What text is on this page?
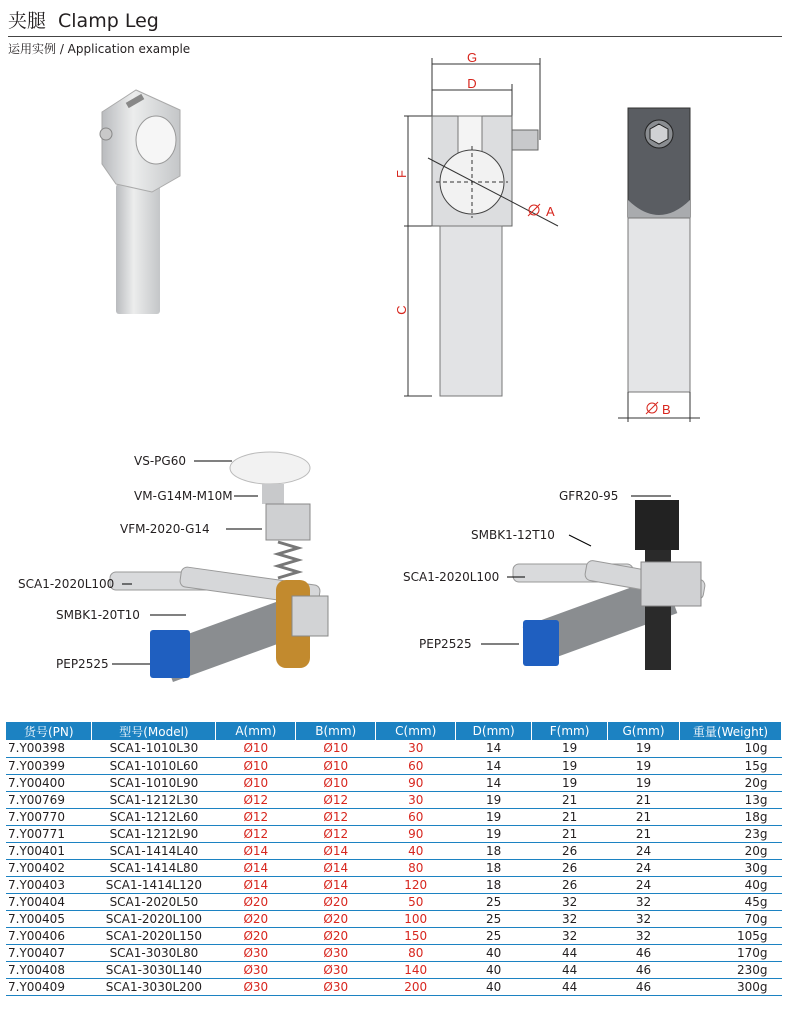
夹腿 Clamp Leg
运用实例 / Application example
G
D
F
C
A
B
VS-PG60
VM-G14M-M10M
VFM-2020-G14
SCA1-2020L100
SMBK1-20T10
PEP2525
GFR20-95
SMBK1-12T10
SCA1-2020L100
PEP2525
货号(PN)	型号(Model)	A(mm)	B(mm)	C(mm)	D(mm)	F(mm)	G(mm)	重量(Weight)
7.Y00398	SCA1-1010L30	Ø10	Ø10	30	14	19	19	10g
7.Y00399	SCA1-1010L60	Ø10	Ø10	60	14	19	19	15g
7.Y00400	SCA1-1010L90	Ø10	Ø10	90	14	19	19	20g
7.Y00769	SCA1-1212L30	Ø12	Ø12	30	19	21	21	13g
7.Y00770	SCA1-1212L60	Ø12	Ø12	60	19	21	21	18g
7.Y00771	SCA1-1212L90	Ø12	Ø12	90	19	21	21	23g
7.Y00401	SCA1-1414L40	Ø14	Ø14	40	18	26	24	20g
7.Y00402	SCA1-1414L80	Ø14	Ø14	80	18	26	24	30g
7.Y00403	SCA1-1414L120	Ø14	Ø14	120	18	26	24	40g
7.Y00404	SCA1-2020L50	Ø20	Ø20	50	25	32	32	45g
7.Y00405	SCA1-2020L100	Ø20	Ø20	100	25	32	32	70g
7.Y00406	SCA1-2020L150	Ø20	Ø20	150	25	32	32	105g
7.Y00407	SCA1-3030L80	Ø30	Ø30	80	40	44	46	170g
7.Y00408	SCA1-3030L140	Ø30	Ø30	140	40	44	46	230g
7.Y00409	SCA1-3030L200	Ø30	Ø30	200	40	44	46	300g
